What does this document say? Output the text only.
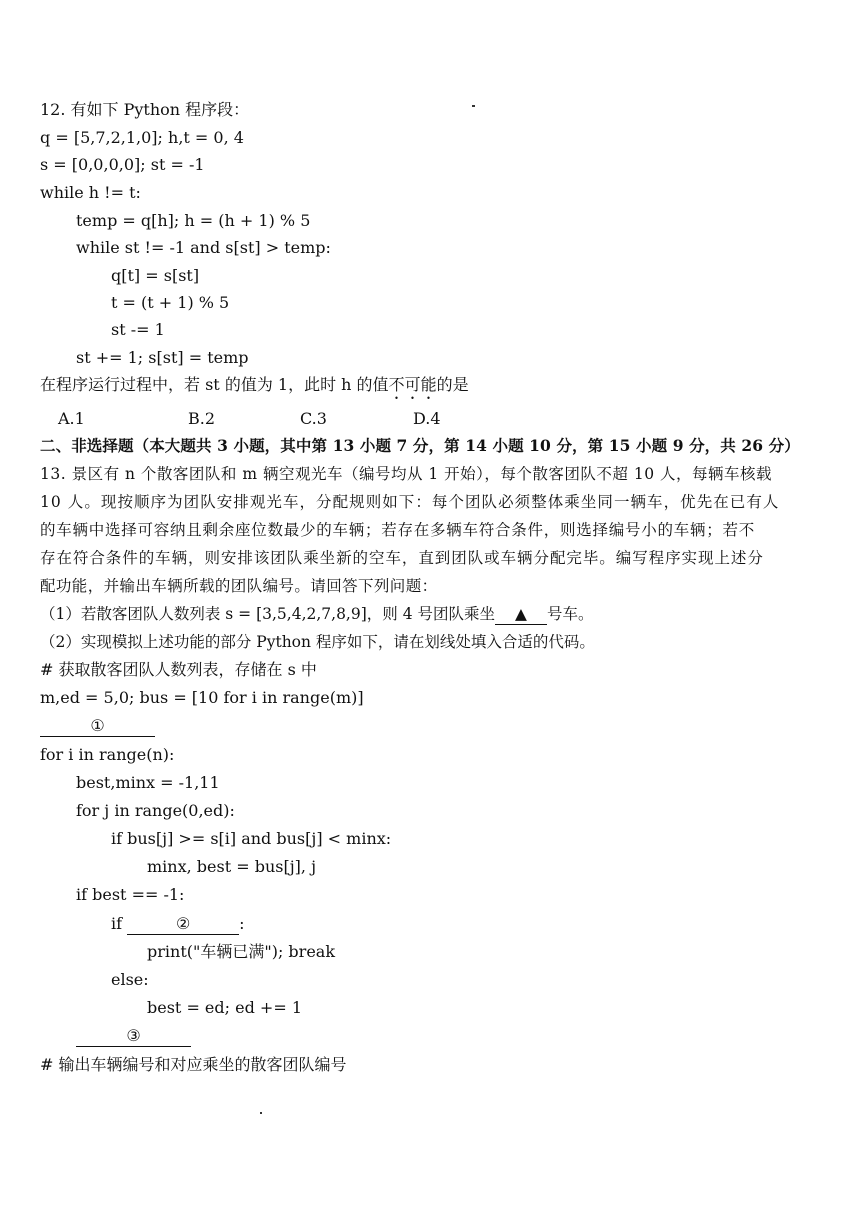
12. 有如下 Python 程序段：
q = [5,7,2,1,0]; h,t = 0, 4
s = [0,0,0,0]; st = -1
while h != t:
temp = q[h]; h = (h + 1) % 5
while st != -1 and s[st] > temp:
q[t] = s[st]
t = (t + 1) % 5
st -= 1
st += 1; s[st] = temp
在程序运行过程中，若 st 的值为 1，此时 h 的值不可能的是
A.1	B.2	C.3	D.4
二、非选择题（本大题共 3 小题，其中第 13 小题 7 分，第 14 小题 10 分，第 15 小题 9 分，共 26 分）
13. 景区有 n 个散客团队和 m 辆空观光车（编号均从 1 开始），每个散客团队不超 10 人，每辆车核载
10 人。现按顺序为团队安排观光车，分配规则如下：每个团队必须整体乘坐同一辆车，优先在已有人
的车辆中选择可容纳且剩余座位数最少的车辆；若存在多辆车符合条件，则选择编号小的车辆；若不
存在符合条件的车辆，则安排该团队乘坐新的空车，直到团队或车辆分配完毕。编写程序实现上述分
配功能，并输出车辆所载的团队编号。请回答下列问题：
（1）若散客团队人数列表 s = [3,5,4,2,7,8,9]，则 4 号团队乘坐 ▲ 号车。
（2）实现模拟上述功能的部分 Python 程序如下，请在划线处填入合适的代码。
# 获取散客团队人数列表，存储在 s 中
m,ed = 5,0; bus = [10 for i in range(m)]
①
for i in range(n):
best,minx = -1,11
for j in range(0,ed):
if bus[j] >= s[i] and bus[j] < minx:
minx, best = bus[j], j
if best == -1:
if	②	:
print("车辆已满"); break
else:
best = ed; ed += 1
③
# 输出车辆编号和对应乘坐的散客团队编号
